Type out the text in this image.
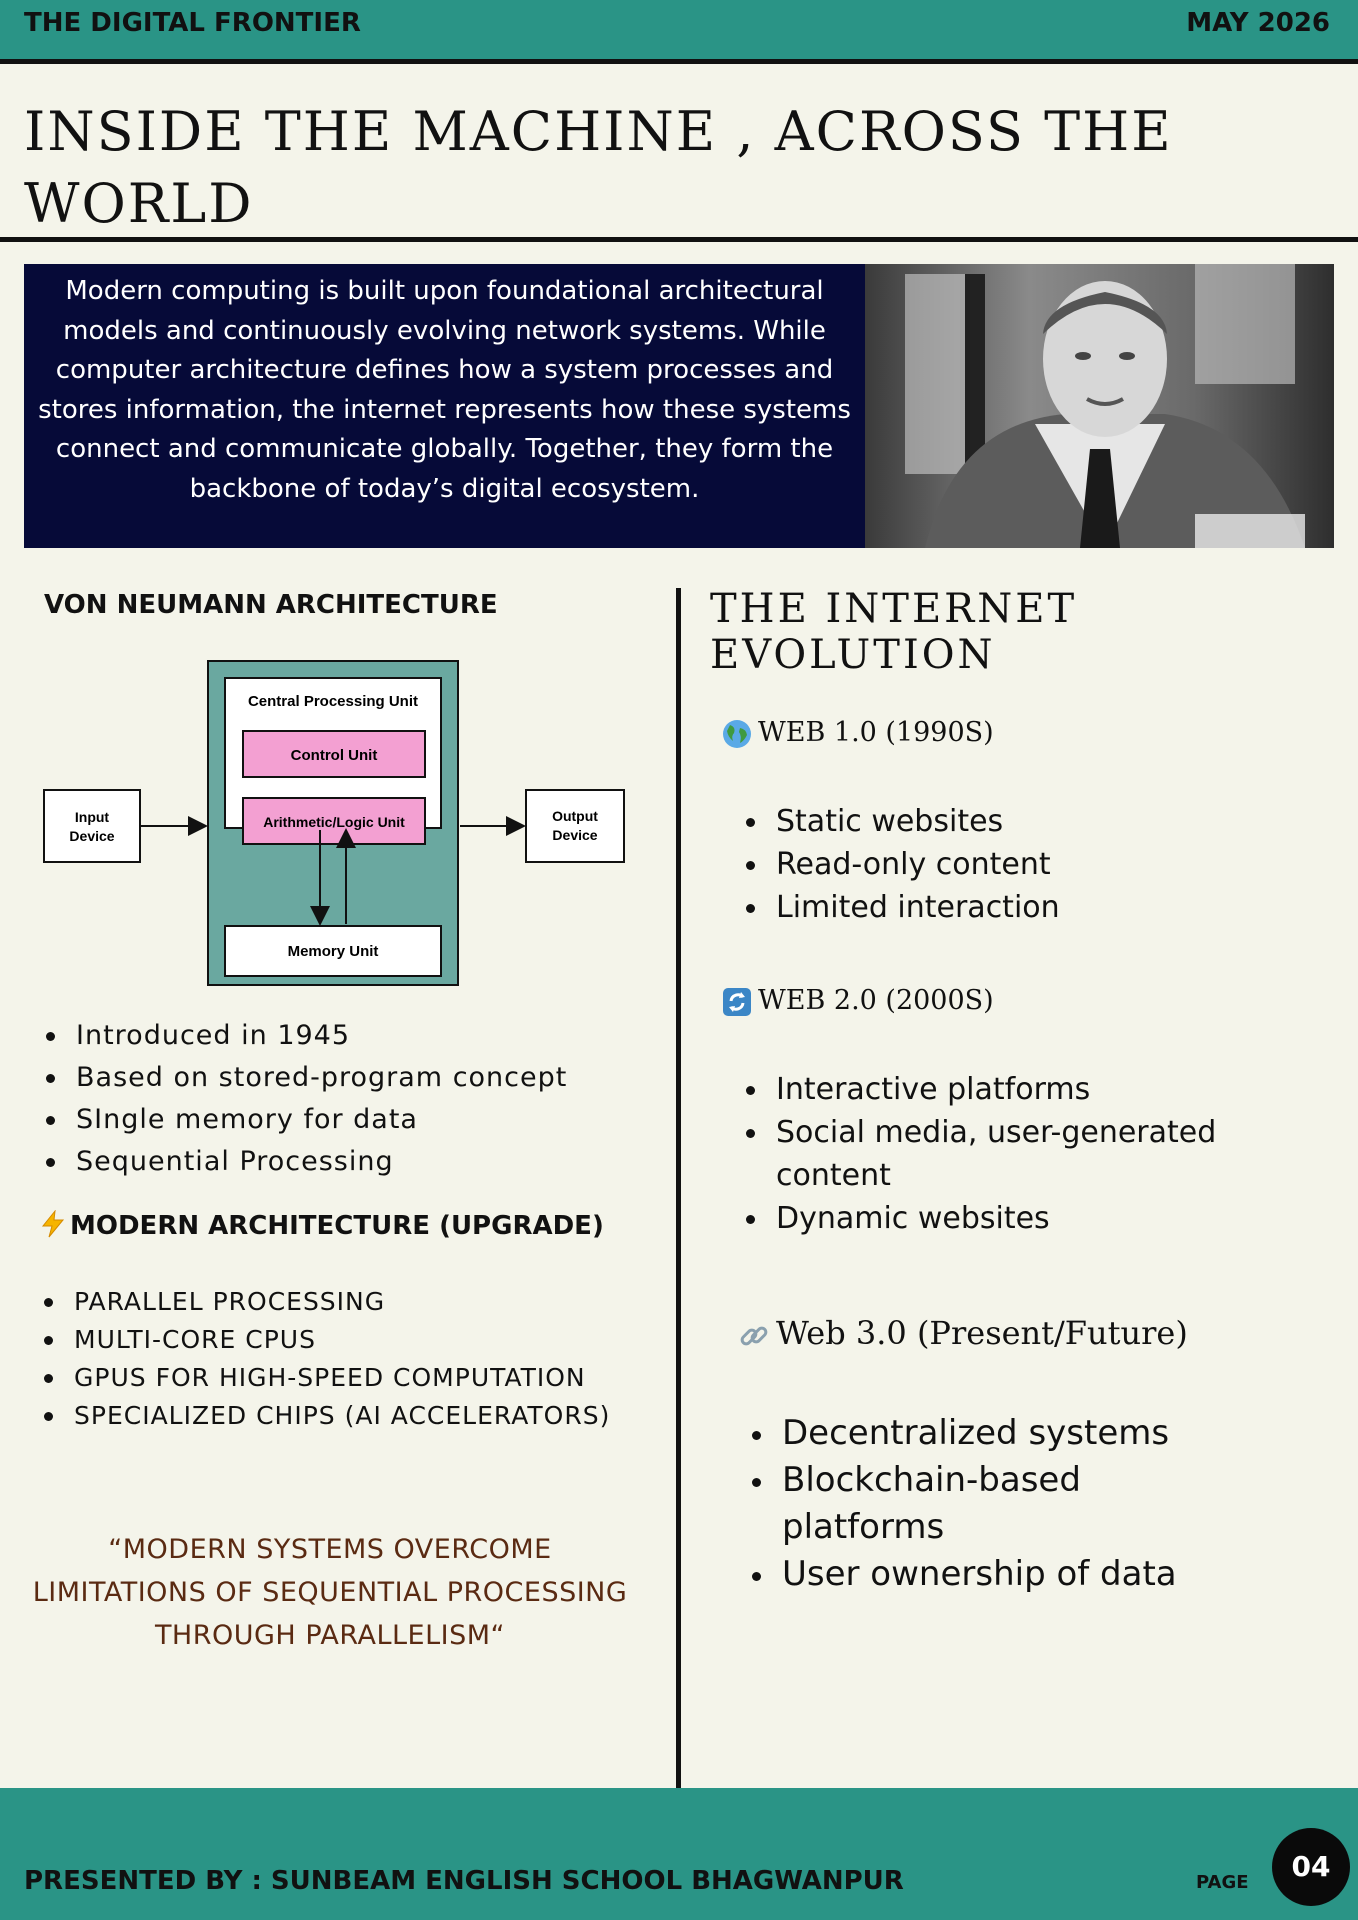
THE DIGITAL FRONTIER	MAY 2026
INSIDE THE MACHINE , ACROSS THE WORLD
Modern computing is built upon foundational architectural models and continuously evolving network systems. While computer architecture defines how a system processes and stores information, the internet represents how these systems connect and communicate globally. Together, they form the backbone of today’s digital ecosystem.
VON NEUMANN ARCHITECTURE
Central Processing Unit
Control Unit
Arithmetic/Logic Unit
Memory Unit
Input
Device
Output
Device
Introduced in 1945
Based on stored-program concept
SIngle memory for data
Sequential Processing
MODERN ARCHITECTURE (UPGRADE)
PARALLEL PROCESSING
MULTI-CORE CPUS
GPUS FOR HIGH-SPEED COMPUTATION
SPECIALIZED CHIPS (AI ACCELERATORS)
“MODERN SYSTEMS OVERCOME LIMITATIONS OF SEQUENTIAL PROCESSING THROUGH PARALLELISM“
THE INTERNET EVOLUTION
WEB 1.0 (1990S)
Static websites
Read-only content
Limited interaction
WEB 2.0 (2000S)
Interactive platforms
Social media, user-generated content
Dynamic websites
Web 3.0 (Present/Future)
Decentralized systems
Blockchain-based platforms
User ownership of data
PRESENTED BY : SUNBEAM ENGLISH SCHOOL BHAGWANPUR	PAGE	04
